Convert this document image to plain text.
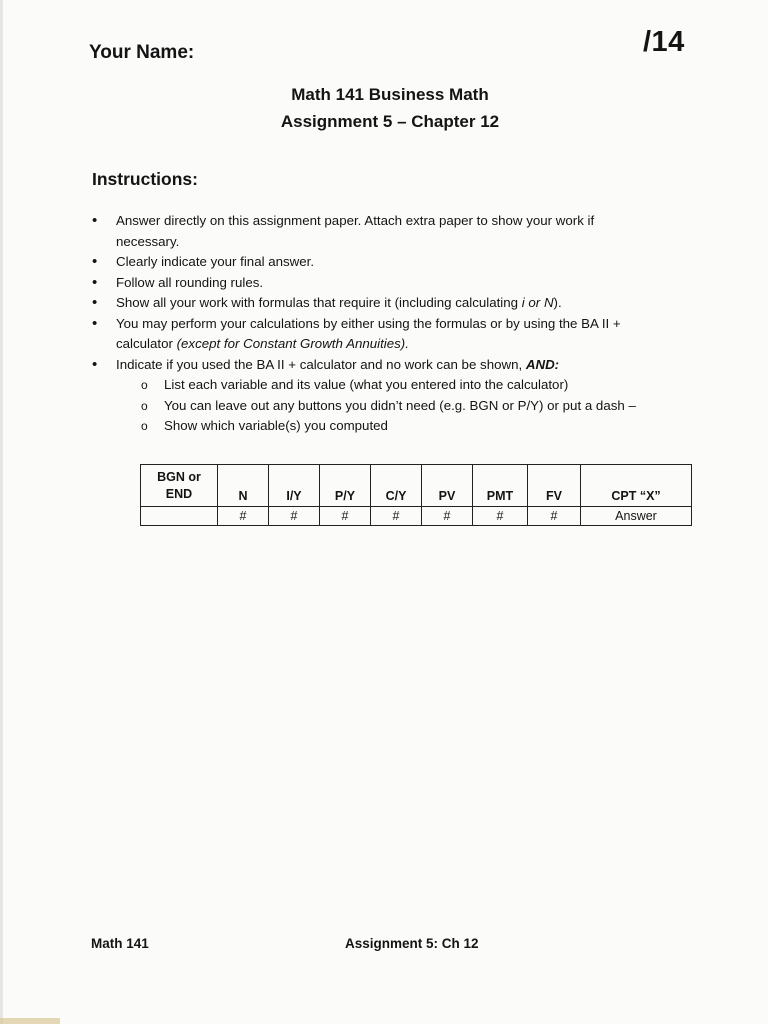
Your Name:	/14
Math 141 Business Math
Assignment 5 – Chapter 12
Instructions:
• Answer directly on this assignment paper. Attach extra paper to show your work if necessary.
• Clearly indicate your final answer.
• Follow all rounding rules.
• Show all your work with formulas that require it (including calculating i or N).
• You may perform your calculations by either using the formulas or by using the BA II + calculator (except for Constant Growth Annuities).
• Indicate if you used the BA II + calculator and no work can be shown, AND:
o List each variable and its value (what you entered into the calculator)
o You can leave out any buttons you didn’t need (e.g. BGN or P/Y) or put a dash –
o Show which variable(s) you computed
BGN or
END	N	I/Y	P/Y	C/Y	PV	PMT	FV	CPT “X”
	#	#	#	#	#	#	#	Answer
Math 141	Assignment 5: Ch 12
